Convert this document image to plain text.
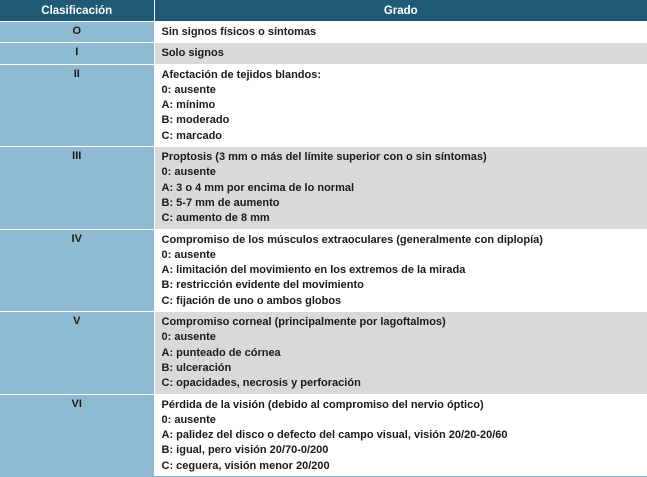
Clasificación	Grado

O	Sin signos físicos o síntomas

I	Solo signos

II	Afectación de tejidos blandos:
0: ausente
A: mínimo
B: moderado
C: marcado

III	Proptosis (3 mm o más del límite superior con o sin síntomas)
0: ausente
A: 3 o 4 mm por encima de lo normal
B: 5-7 mm de aumento
C: aumento de 8 mm

IV	Compromiso de los músculos extraoculares (generalmente con diplopía)
0: ausente
A: limitación del movimiento en los extremos de la mirada
B: restricción evidente del movimiento
C: fijación de uno o ambos globos

V	Compromiso corneal (principalmente por lagoftalmos)
0: ausente
A: punteado de córnea
B: ulceración
C: opacidades, necrosis y perforación

VI	Pérdida de la visión (debido al compromiso del nervio óptico)
0: ausente
A: palidez del disco o defecto del campo visual, visión 20/20-20/60
B: igual, pero visión 20/70-0/200
C: ceguera, visión menor 20/200
